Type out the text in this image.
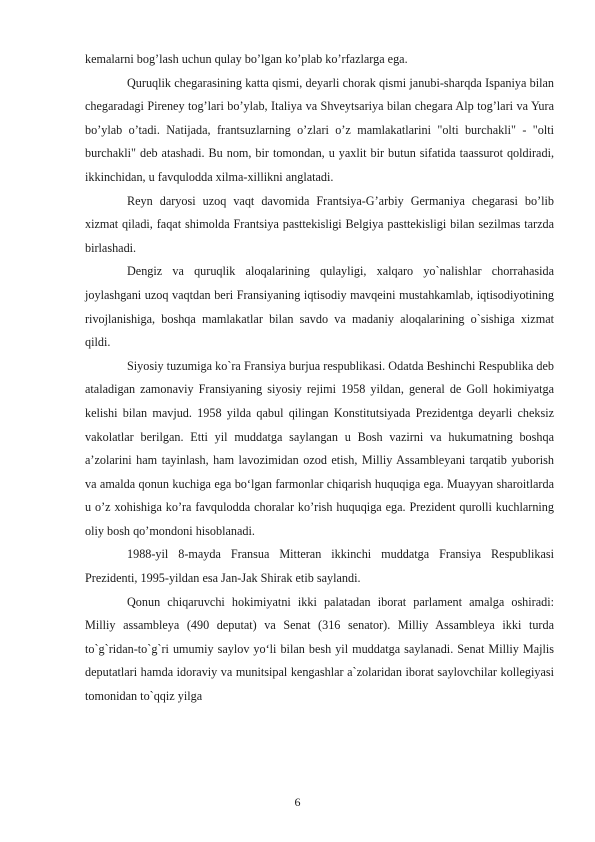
kemalarni bog’lash uchun qulay bo’lgan ko’plab ko’rfazlarga ega.

Quruqlik chegarasining katta qismi, deyarli chorak qismi janubi-sharqda Ispaniya bilan chegaradagi Pireney tog’lari bo’ylab, Italiya va Shveytsariya bilan chegara Alp tog’lari va Yura bo’ylab o’tadi. Natijada, frantsuzlarning o’zlari o’z mamlakatlarini "olti burchakli" - "olti burchakli" deb atashadi. Bu nom, bir tomondan, u yaxlit bir butun sifatida taassurot qoldiradi, ikkinchidan, u favqulodda xilma-xillikni anglatadi.

Reyn daryosi uzoq vaqt davomida Frantsiya-G’arbiy Germaniya chegarasi bo’lib xizmat qiladi, faqat shimolda Frantsiya pasttekisligi Belgiya pasttekisligi bilan sezilmas tarzda birlashadi.

Dengiz va quruqlik aloqalarining qulayligi, xalqaro yo`nalishlar chorrahasida joylashgani uzoq vaqtdan beri Fransiyaning iqtisodiy mavqeini mustahkamlab, iqtisodiyotining rivojlanishiga, boshqa mamlakatlar bilan savdo va madaniy aloqalarining o`sishiga xizmat qildi.

Siyosiy tuzumiga ko`ra Fransiya burjua respublikasi. Odatda Beshinchi Respublika deb ataladigan zamonaviy Fransiyaning siyosiy rejimi 1958 yildan, general de Goll hokimiyatga kelishi bilan mavjud. 1958 yilda qabul qilingan Konstitutsiyada Prezidentga deyarli cheksiz vakolatlar berilgan. Etti yil muddatga saylangan u Bosh vazirni va hukumatning boshqa a’zolarini ham tayinlash, ham lavozimidan ozod etish, Milliy Assambleyani tarqatib yuborish va amalda qonun kuchiga ega bo‘lgan farmonlar chiqarish huquqiga ega. Muayyan sharoitlarda u o’z xohishiga ko’ra favqulodda choralar ko’rish huquqiga ega. Prezident qurolli kuchlarning oliy bosh qo’mondoni hisoblanadi.

1988-yil 8-mayda Fransua Mitteran ikkinchi muddatga Fransiya Respublikasi Prezidenti, 1995-yildan esa Jan-Jak Shirak etib saylandi.

Qonun chiqaruvchi hokimiyatni ikki palatadan iborat parlament amalga oshiradi: Milliy assambleya (490 deputat) va Senat (316 senator). Milliy Assambleya ikki turda to`g`ridan-to`g`ri umumiy saylov yo‘li bilan besh yil muddatga saylanadi. Senat Milliy Majlis deputatlari hamda idoraviy va munitsipal kengashlar a`zolaridan iborat saylovchilar kollegiyasi tomonidan to`qqiz yilga

6
